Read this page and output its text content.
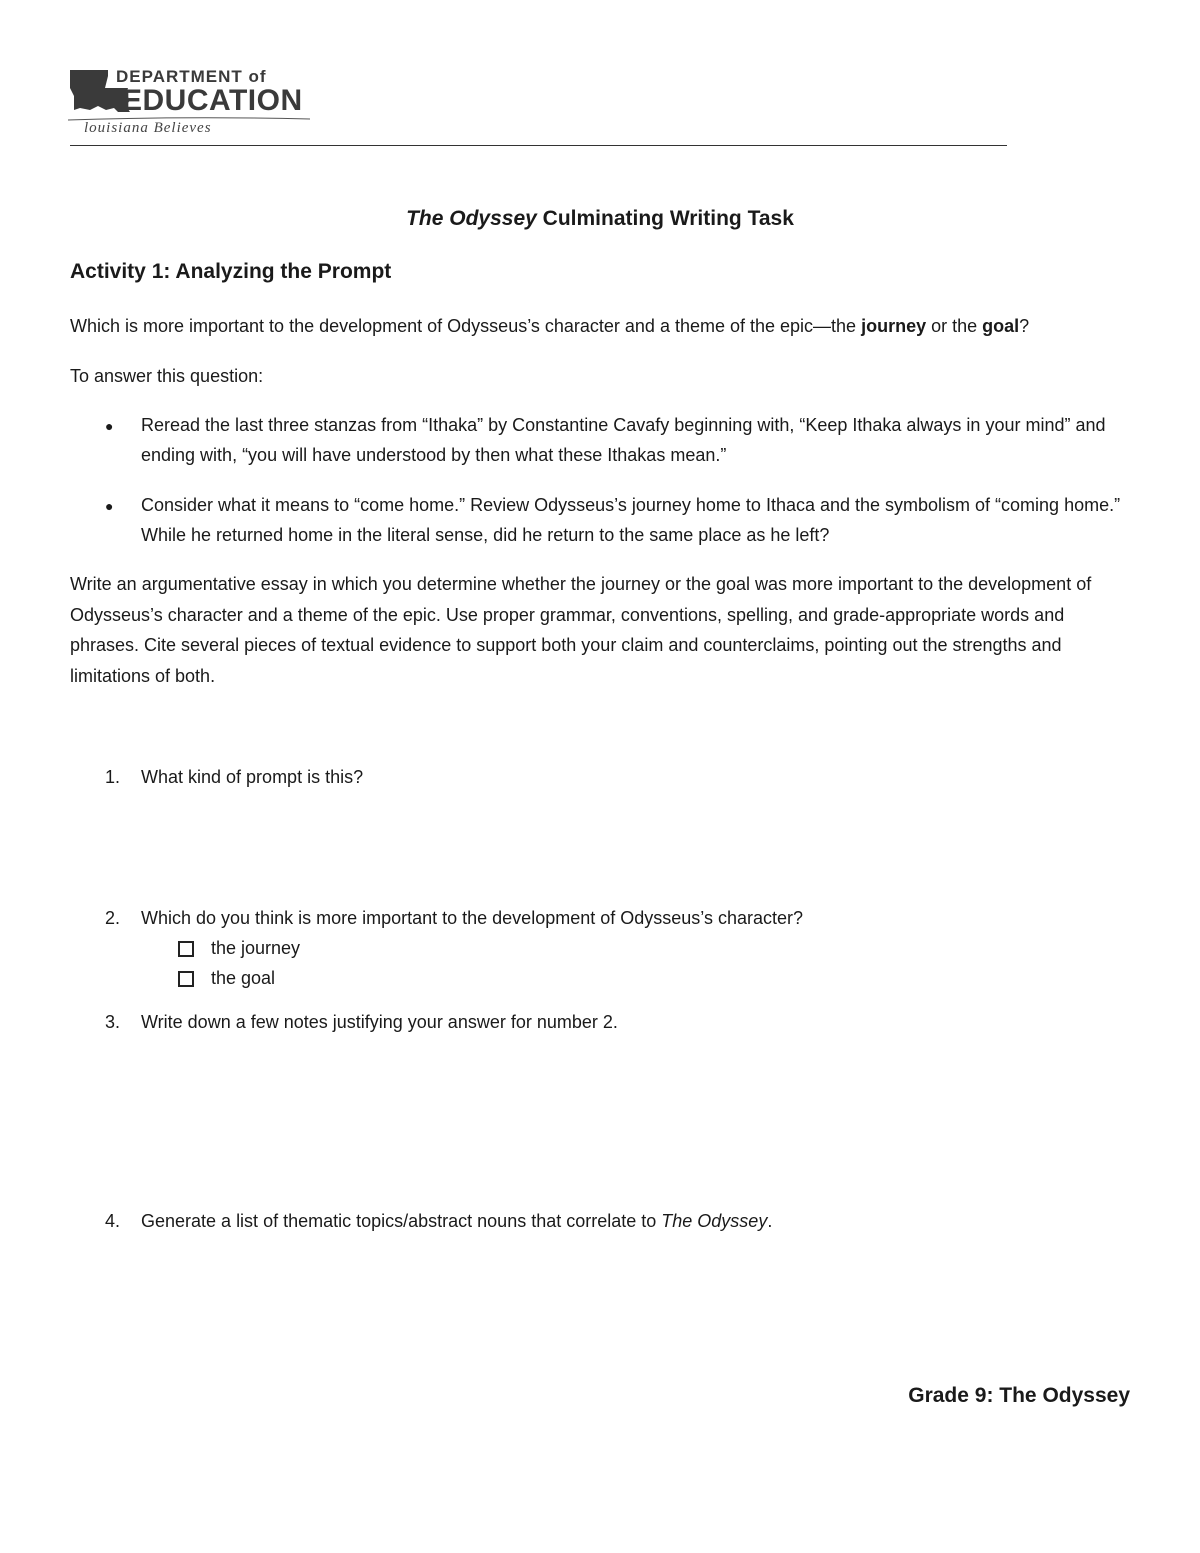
DEPARTMENT of
EDUCATION
louisiana Believes
The Odyssey Culminating Writing Task
Activity 1: Analyzing the Prompt
Which is more important to the development of Odysseus’s character and a theme of the epic—the journey or the goal?
To answer this question:
● Reread the last three stanzas from “Ithaka” by Constantine Cavafy beginning with, “Keep Ithaka always in your mind” and ending with, “you will have understood by then what these Ithakas mean.”
● Consider what it means to “come home.” Review Odysseus’s journey home to Ithaca and the symbolism of “coming home.” While he returned home in the literal sense, did he return to the same place as he left?
Write an argumentative essay in which you determine whether the journey or the goal was more important to the development of Odysseus’s character and a theme of the epic. Use proper grammar, conventions, spelling, and grade-appropriate words and phrases. Cite several pieces of textual evidence to support both your claim and counterclaims, pointing out the strengths and limitations of both.
1. What kind of prompt is this?
2. Which do you think is more important to the development of Odysseus’s character?
the journey
the goal
3. Write down a few notes justifying your answer for number 2.
4. Generate a list of thematic topics/abstract nouns that correlate to The Odyssey.
Grade 9: The Odyssey
